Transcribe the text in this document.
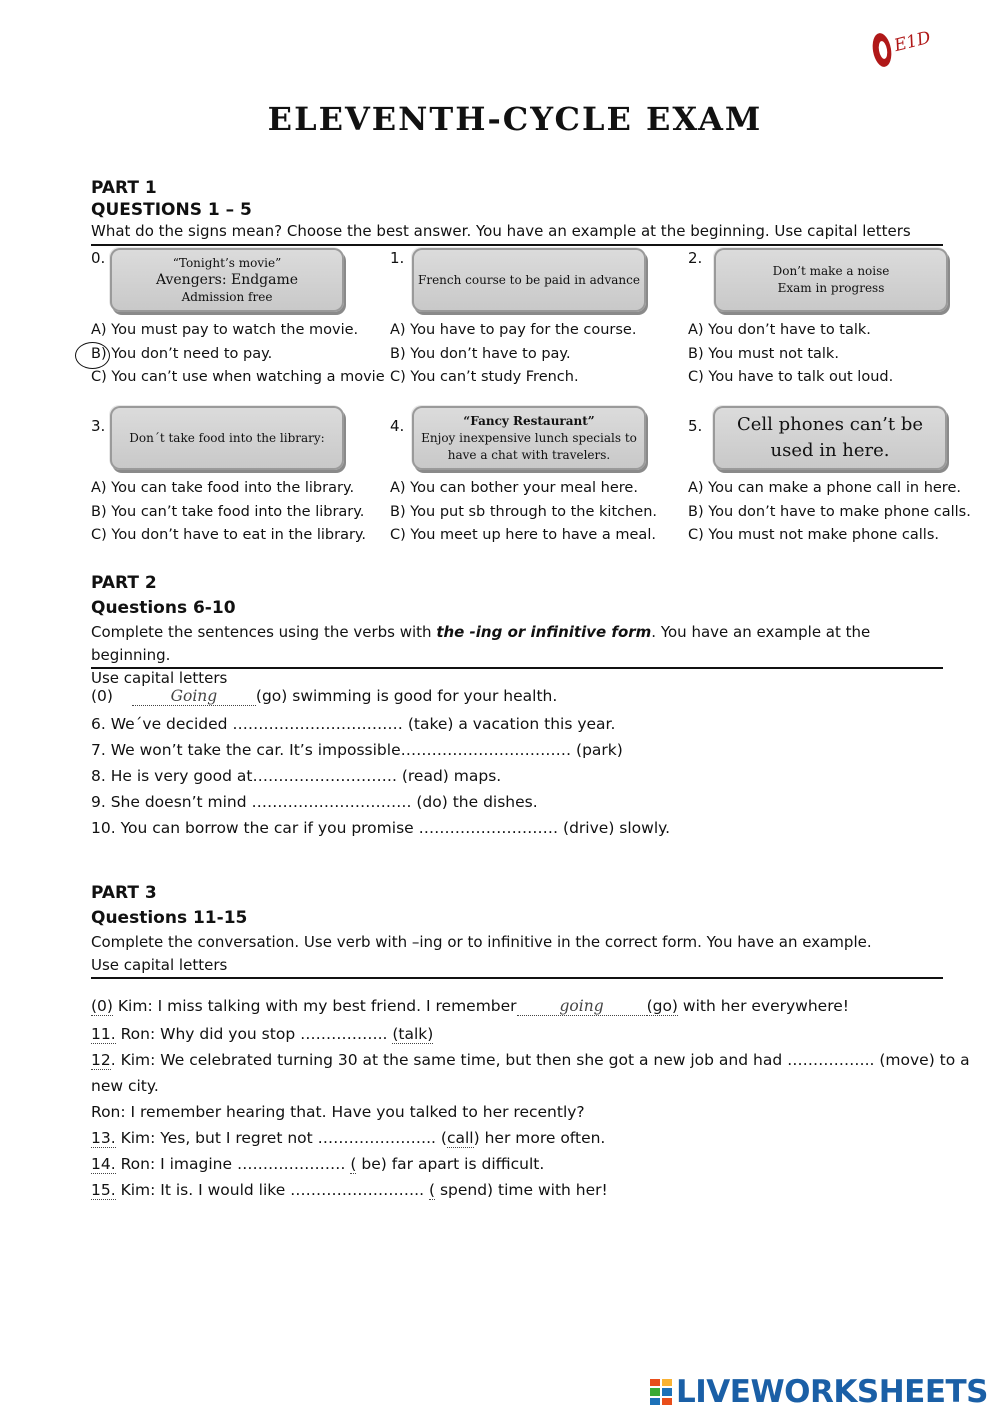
E1D
ELEVENTH-CYCLE EXAM
PART 1
QUESTIONS 1 – 5
What do the signs mean? Choose the best answer. You have an example at the beginning. Use capital letters
0.	“Tonight’s movie”
Avengers: Endgame
Admission free
1.
French course to be paid in advance
2.
Don’t make a noise
Exam in progress
A) You must pay to watch the movie.
B) You don’t need to pay.
C) You can’t use when watching a movie
A) You have to pay for the course.
B) You don’t have to pay.
C) You can’t study French.
A) You don’t have to talk.
B) You must not talk.
C) You have to talk out loud.
3.
Don´t take food into the library:
4.	“Fancy Restaurant”
Enjoy inexpensive lunch specials to
have a chat with travelers.
5. Cell phones can’t be
used in here.
A) You can take food into the library.
B) You can’t take food into the library.
C) You don’t have to eat in the library.
A) You can bother your meal here.
B) You put sb through to the kitchen.
C) You meet up here to have a meal.
A) You can make a phone call in here.
B) You don’t have to make phone calls.
C) You must not make phone calls.
PART 2
Questions 6-10
Complete the sentences using the verbs with the -ing or infinitive form. You have an example at the beginning.
Use capital letters
(0)	Going (go) swimming is good for your health.
6. We´ve decided …………………………… (take) a vacation this year.
7. We won’t take the car. It’s impossible…………………………… (park)
8. He is very good at………………………. (read) maps.
9. She doesn’t mind …………………………. (do) the dishes.
10. You can borrow the car if you promise ……………………… (drive) slowly.
PART 3
Questions 11-15
Complete the conversation. Use verb with –ing or to infinitive in the correct form. You have an example.
Use capital letters
(0) Kim: I miss talking with my best friend. I remember	going	(go) with her everywhere!
11. Ron: Why did you stop …………….. (talk)
12. Kim: We celebrated turning 30 at the same time, but then she got a new job and had …………….. (move) to a
new city.
Ron: I remember hearing that. Have you talked to her recently?
13. Kim: Yes, but I regret not ………………….. (call) her more often.
14. Ron: I imagine ………………… ( be) far apart is difficult.
15. Kim: It is. I would like …………………….. ( spend) time with her!
LIVEWORKSHEETS
